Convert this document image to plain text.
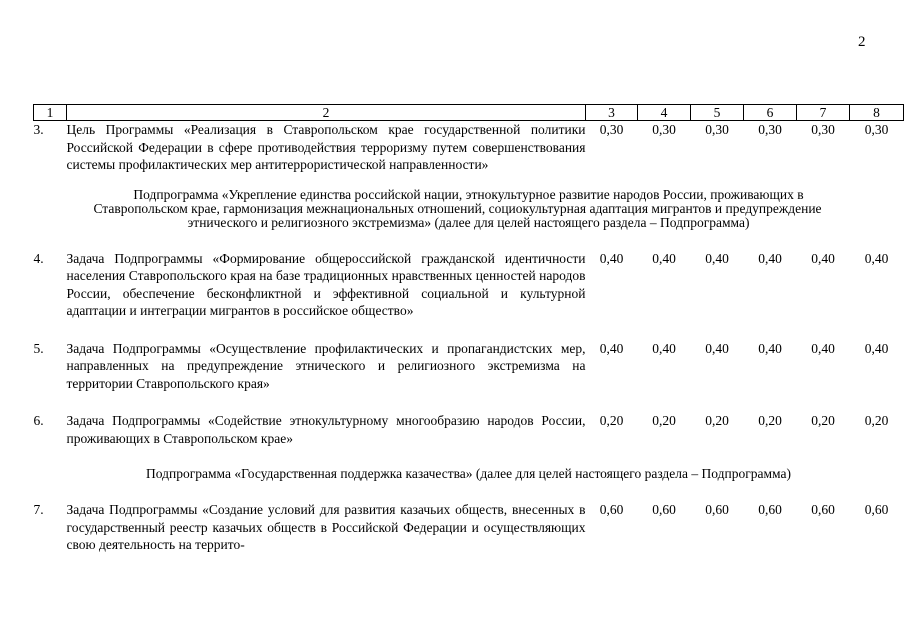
2
1	2	3	4	5	6	7	8
3.	Цель Программы «Реализация в Ставропольском крае государственной политики Российской Федерации в сфере противодействия терроризму путем совершенствования системы профилактических мер антитеррористической направленности»	0,30	0,30	0,30	0,30	0,30	0,30

Подпрограмма «Укрепление единства российской нации, этнокультурное развитие народов России, проживающих в
Ставропольском крае, гармонизация межнациональных отношений, социокультурная адаптация мигрантов и предупреждение
этнического и религиозного экстремизма» (далее для целей настоящего раздела – Подпрограмма)							

4.	Задача Подпрограммы «Формирование общероссийской гражданской идентичности населения Ставропольского края на базе традиционных нравственных ценностей народов России, обеспечение бесконфликтной и эффективной социальной и культурной адаптации и интеграции мигрантов в российское общество»	0,40	0,40	0,40	0,40	0,40	0,40

5.	Задача Подпрограммы «Осуществление профилактических и пропагандистских мер, направленных на предупреждение этнического и религиозного экстремизма на территории Ставропольского края»	0,40	0,40	0,40	0,40	0,40	0,40

6.	Задача Подпрограммы «Содействие этнокультурному многообразию народов России, проживающих в Ставропольском крае»	0,20	0,20	0,20	0,20	0,20	0,20

Подпрограмма «Государственная поддержка казачества» (далее для целей настоящего раздела – Подпрограмма)							

7.	Задача Подпрограммы «Создание условий для развития казачьих обществ, внесенных в государственный реестр казачьих обществ в Российской Федерации и осуществляющих свою деятельность на террито-	0,60	0,60	0,60	0,60	0,60	0,60
